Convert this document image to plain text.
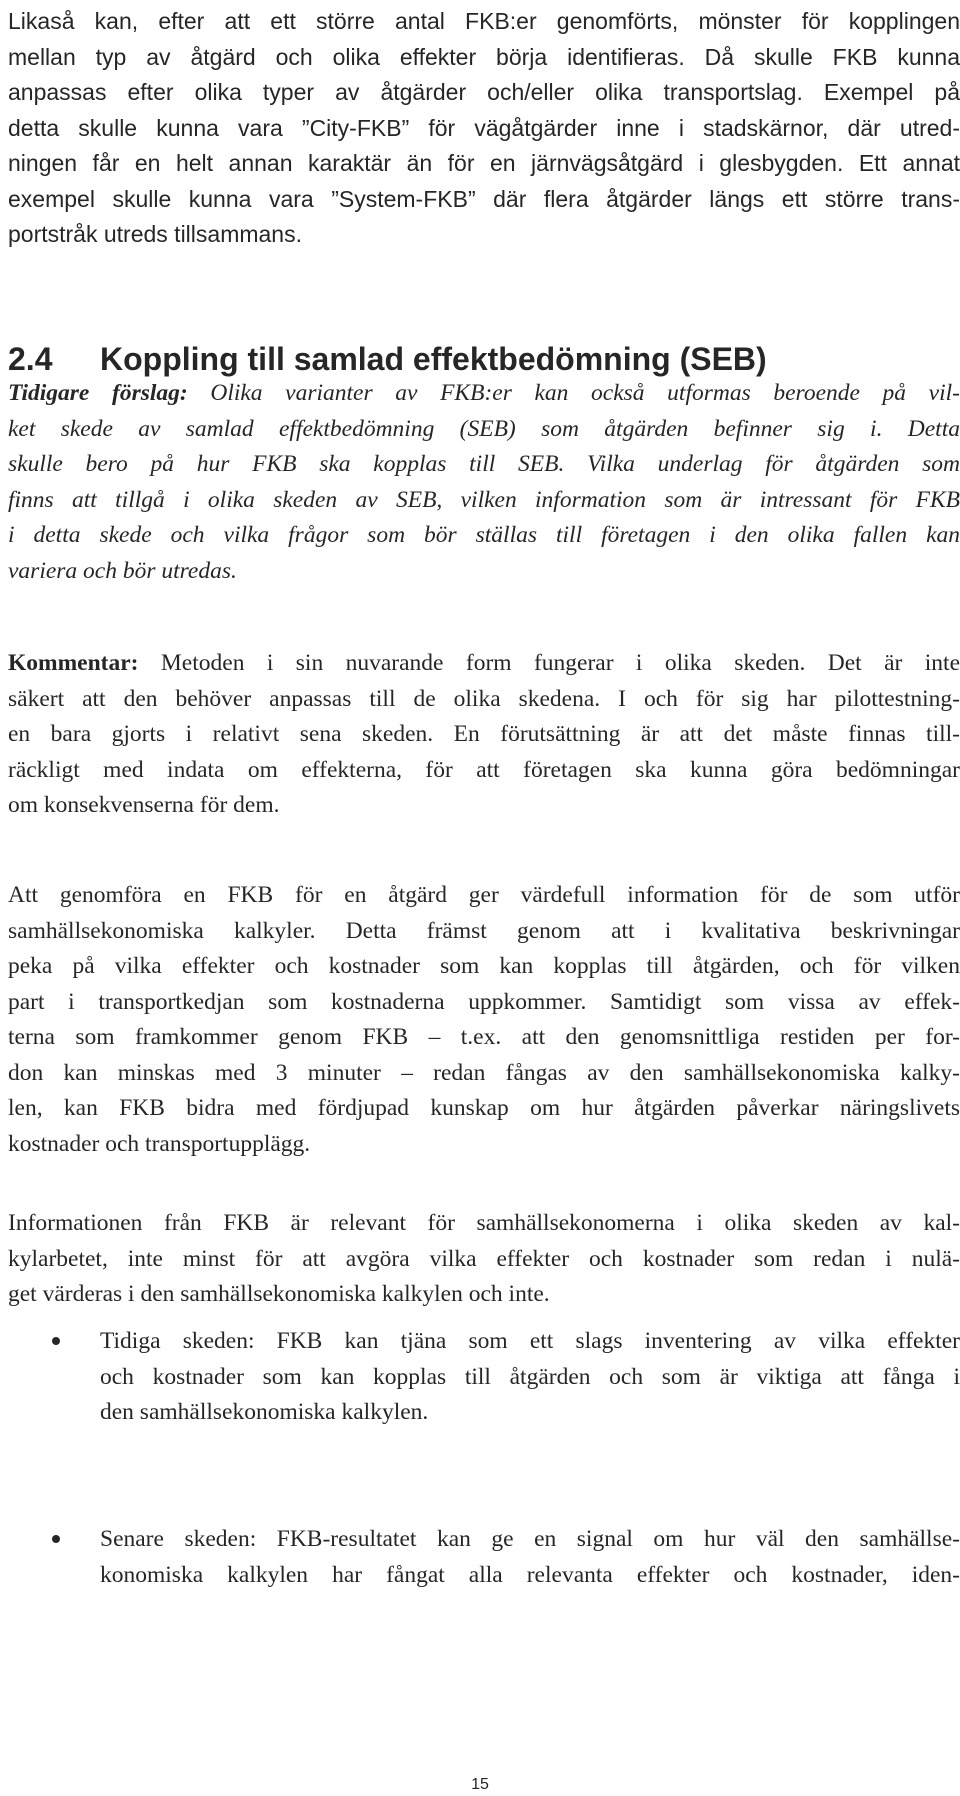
Likaså kan, efter att ett större antal FKB:er genomförts, mönster för kopplingen
mellan typ av åtgärd och olika effekter börja identifieras. Då skulle FKB kunna
anpassas efter olika typer av åtgärder och/eller olika transportslag. Exempel på
detta skulle kunna vara ”City-FKB” för vägåtgärder inne i stadskärnor, där utred-
ningen får en helt annan karaktär än för en järnvägsåtgärd i glesbygden. Ett annat
exempel skulle kunna vara ”System-FKB” där flera åtgärder längs ett större trans-
portstråk utreds tillsammans.

2.4 Koppling till samlad effektbedömning (SEB)

Tidigare förslag: Olika varianter av FKB:er kan också utformas beroende på vil-
ket skede av samlad effektbedömning (SEB) som åtgärden befinner sig i. Detta
skulle bero på hur FKB ska kopplas till SEB. Vilka underlag för åtgärden som
finns att tillgå i olika skeden av SEB, vilken information som är intressant för FKB
i detta skede och vilka frågor som bör ställas till företagen i den olika fallen kan
variera och bör utredas.

Kommentar: Metoden i sin nuvarande form fungerar i olika skeden. Det är inte
säkert att den behöver anpassas till de olika skedena. I och för sig har pilottestning-
en bara gjorts i relativt sena skeden. En förutsättning är att det måste finnas till-
räckligt med indata om effekterna, för att företagen ska kunna göra bedömningar
om konsekvenserna för dem.

Att genomföra en FKB för en åtgärd ger värdefull information för de som utför
samhällsekonomiska kalkyler. Detta främst genom att i kvalitativa beskrivningar
peka på vilka effekter och kostnader som kan kopplas till åtgärden, och för vilken
part i transportkedjan som kostnaderna uppkommer. Samtidigt som vissa av effek-
terna som framkommer genom FKB – t.ex. att den genomsnittliga restiden per for-
don kan minskas med 3 minuter – redan fångas av den samhällsekonomiska kalky-
len, kan FKB bidra med fördjupad kunskap om hur åtgärden påverkar näringslivets
kostnader och transportupplägg.

Informationen från FKB är relevant för samhällsekonomerna i olika skeden av kal-
kylarbetet, inte minst för att avgöra vilka effekter och kostnader som redan i nulä-
get värderas i den samhällsekonomiska kalkylen och inte.

Tidiga skeden: FKB kan tjäna som ett slags inventering av vilka effekter
och kostnader som kan kopplas till åtgärden och som är viktiga att fånga i
den samhällsekonomiska kalkylen.
Senare skeden: FKB-resultatet kan ge en signal om hur väl den samhällse-
konomiska kalkylen har fångat alla relevanta effekter och kostnader, iden-
15
